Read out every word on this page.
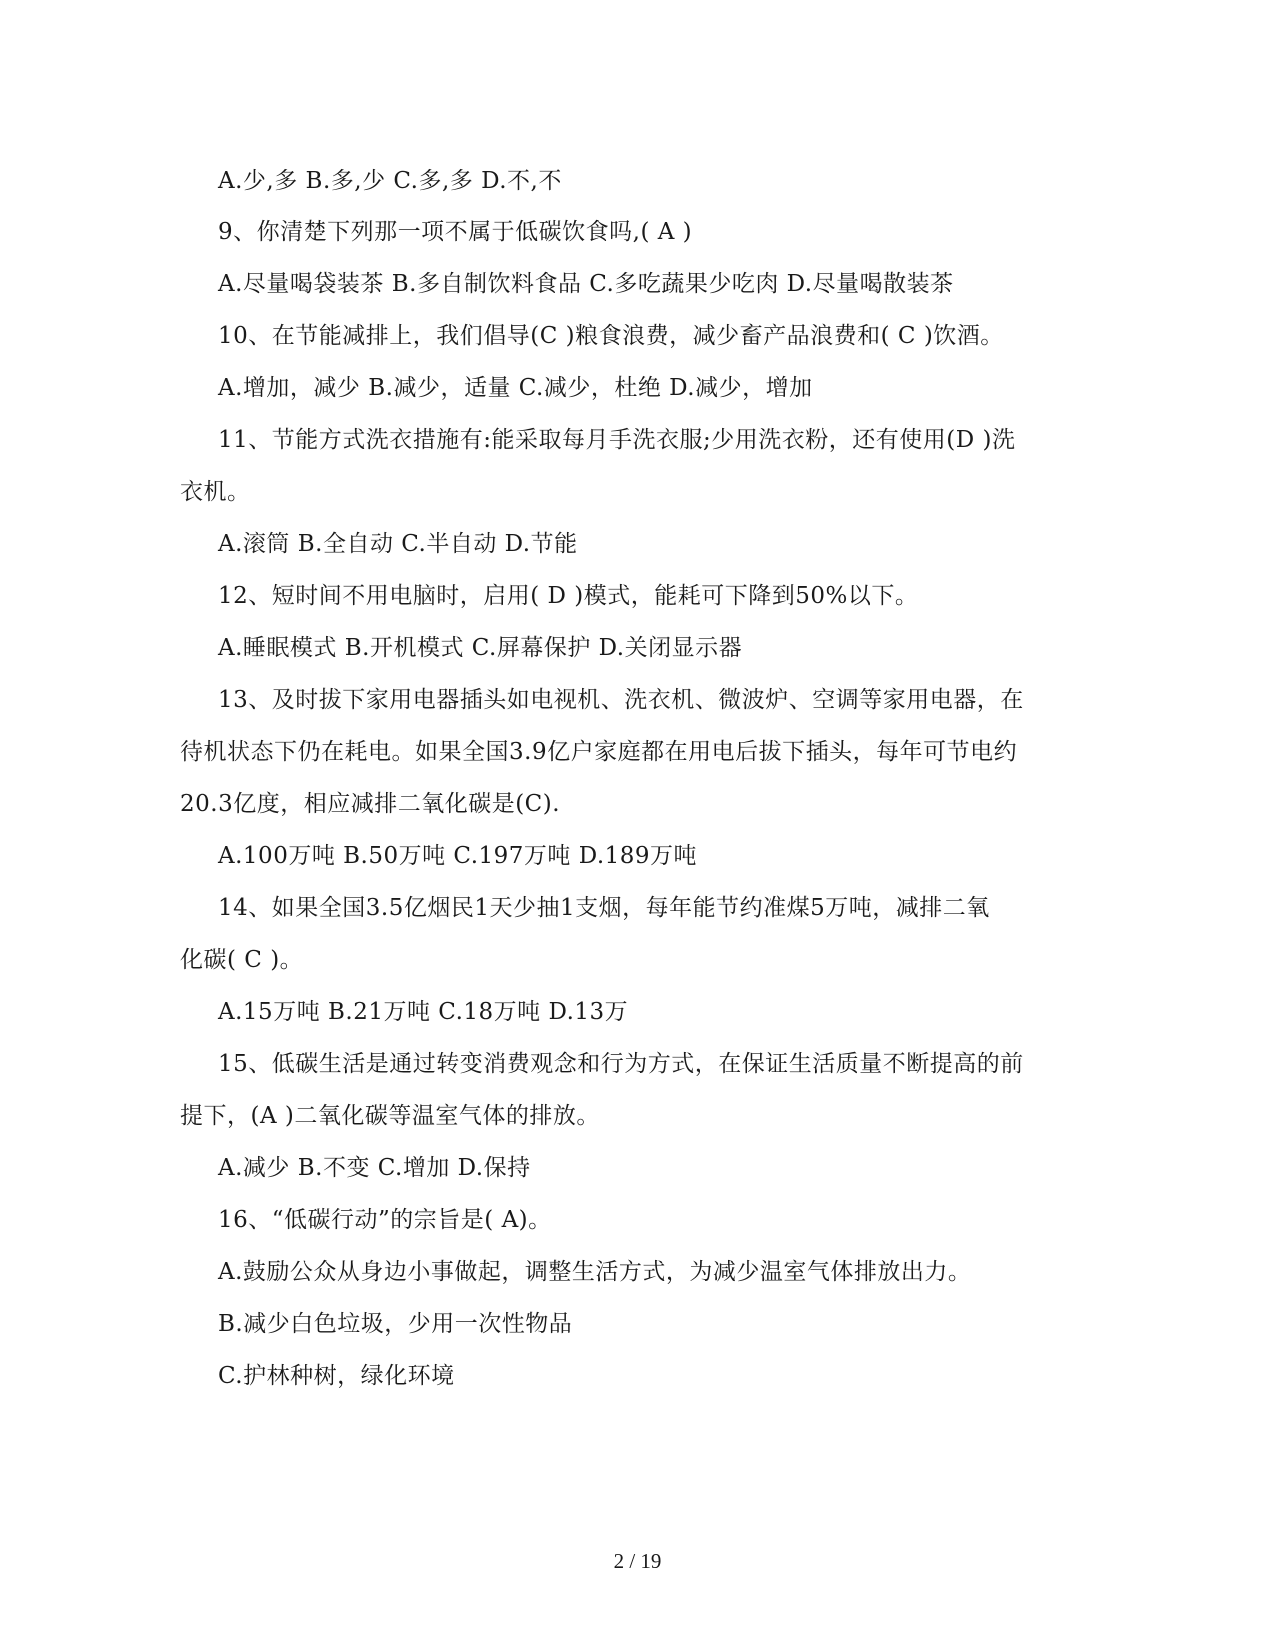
A.少,多 B.多,少 C.多,多 D.不,不
9、你清楚下列那一项不属于低碳饮食吗,( A )
A.尽量喝袋装茶 B.多自制饮料食品 C.多吃蔬果少吃肉 D.尽量喝散装茶
10、在节能减排上，我们倡导(C )粮食浪费，减少畜产品浪费和( C )饮酒。
A.增加，减少 B.减少，适量 C.减少，杜绝 D.减少，增加
11、节能方式洗衣措施有:能采取每月手洗衣服;少用洗衣粉，还有使用(D )洗
衣机。
A.滚筒 B.全自动 C.半自动 D.节能
12、短时间不用电脑时，启用( D )模式，能耗可下降到50%以下。
A.睡眠模式 B.开机模式 C.屏幕保护 D.关闭显示器
13、及时拔下家用电器插头如电视机、洗衣机、微波炉、空调等家用电器，在
待机状态下仍在耗电。如果全国3.9亿户家庭都在用电后拔下插头，每年可节电约
20.3亿度，相应减排二氧化碳是(C).
A.100万吨 B.50万吨 C.197万吨 D.189万吨
14、如果全国3.5亿烟民1天少抽1支烟，每年能节约准煤5万吨，减排二氧
化碳( C )。
A.15万吨 B.21万吨 C.18万吨 D.13万
15、低碳生活是通过转变消费观念和行为方式，在保证生活质量不断提高的前
提下，(A )二氧化碳等温室气体的排放。
A.减少 B.不变 C.增加 D.保持
16、“低碳行动”的宗旨是( A)。
A.鼓励公众从身边小事做起，调整生活方式，为减少温室气体排放出力。
B.减少白色垃圾，少用一次性物品
C.护林种树，绿化环境
2 / 19
